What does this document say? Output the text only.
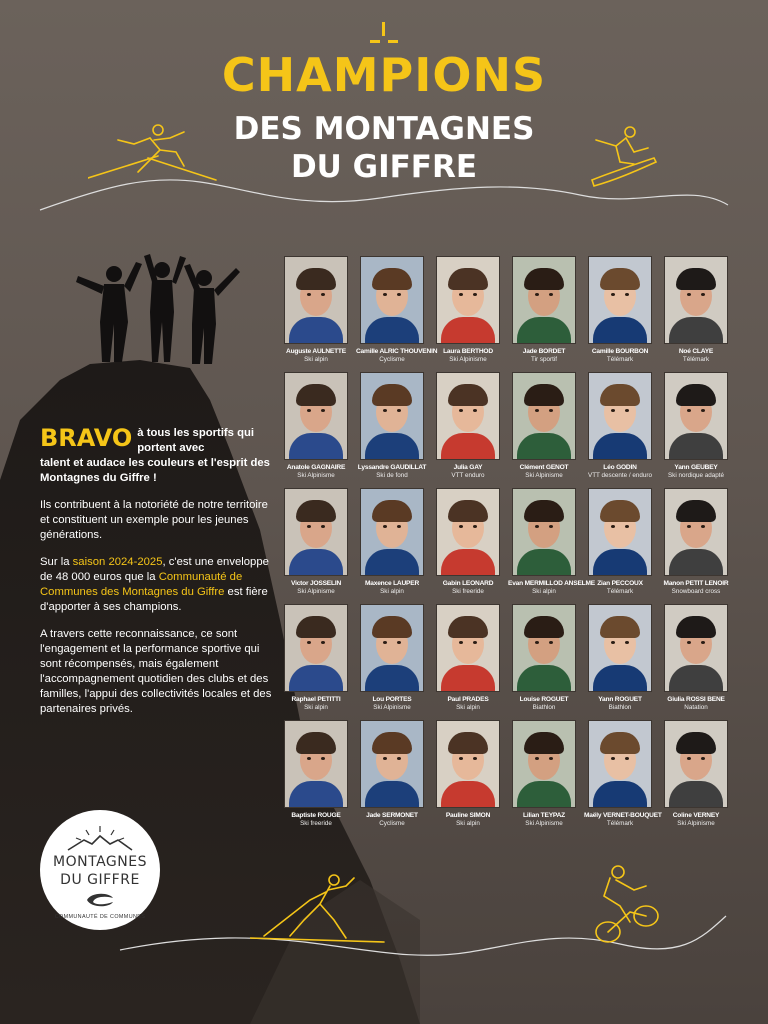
CHAMPIONS
DES MONTAGNES
DU GIFFRE
BRAVO à tous les sportifs qui portent avec

talent et audace les couleurs et l'esprit des Montagnes du Giffre !

Ils contribuent à la notoriété de notre territoire et constituent un exemple pour les jeunes générations.

Sur la saison 2024-2025, c'est une enveloppe de 48 000 euros que la Communauté de Communes des Montagnes du Giffre est fière d'apporter à ses champions.

A travers cette reconnaissance, ce sont l'engagement et la performance sportive qui sont récompensés, mais également l'accompagnement quotidien des clubs et des familles, l'appui des collectivités locales et des partenaires privés.

Auguste AULNETTE
Ski alpin
Camille ALRIC THOUVENIN
Cyclisme
Laura BERTHOD
Ski Alpinisme
Jade BORDET
Tir sportif
Camille BOURBON
Télémark
Noé CLAYE
Télémark
Anatole GAGNAIRE
Ski Alpinisme
Lyssandre GAUDILLAT
Ski de fond
Julia GAY
VTT enduro
Clément GENOT
Ski Alpinisme
Léo GODIN
VTT descente / enduro
Yann GEUBEY
Ski nordique adapté
Victor JOSSELIN
Ski Alpinisme
Maxence LAUPER
Ski alpin
Gabin LEONARD
Ski freeride
Evan MERMILLOD ANSELME
Ski alpin
Zian PECCOUX
Télémark
Manon PETIT LENOIR
Snowboard cross
Raphael PETITTI
Ski alpin
Lou PORTES
Ski Alpinisme
Paul PRADES
Ski alpin
Louise ROGUET
Biathlon
Yann ROGUET
Biathlon
Giulia ROSSI BENE
Natation
Baptiste ROUGE
Ski freeride
Jade SERMONET
Cyclisme
Pauline SIMON
Ski alpin
Lilian TEYPAZ
Ski Alpinisme
Maëly VERNET-BOUQUET
Télémark
Coline VERNEY
Ski Alpinisme
MONTAGNES
DU GIFFRE
COMMUNAUTÉ DE COMMUNES
